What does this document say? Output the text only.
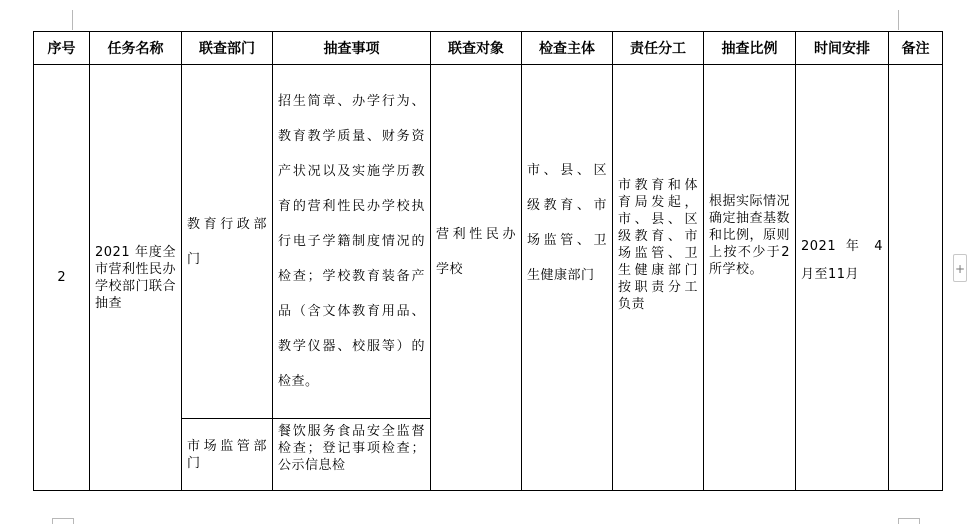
序号	任务名称	联查部门	抽查事项	联查对象	检查主体	责任分工	抽查比例	时间安排	备注
2	2021 年度全市营利性民办学校部门联合抽查	教育行政部门	招生简章、办学行为、教育教学质量、财务资产状况以及实施学历教育的营利性民办学校执行电子学籍制度情况的检查；学校教育装备产品（含文体教育用品、教学仪器、校服等）的检查。	营利性民办学校	市、县、区级教育、市场监管、卫生健康部门	市教育和体育局发起，市、县、区级教育、市场监管、卫生健康部门按职责分工负责	根据实际情况确定抽查基数和比例，原则上按不少于2所学校。	2021 年 4 月至11月	
		市场监管部门	餐饮服务食品安全监督检查；登记事项检查；公示信息检						
+
